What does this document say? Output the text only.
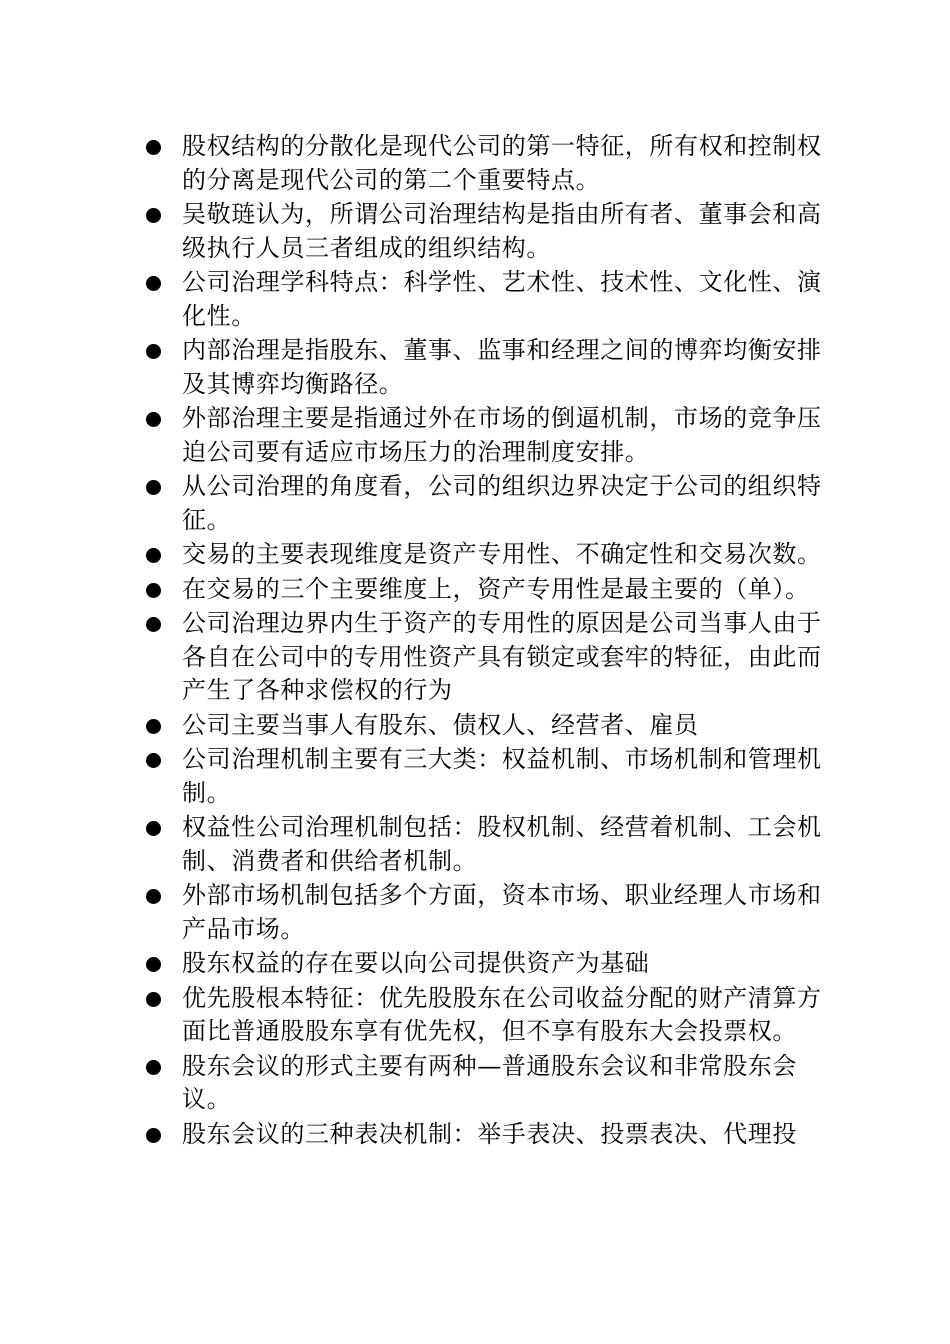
股权结构的分散化是现代公司的第一特征，所有权和控制权的分离是现代公司的第二个重要特点。
吴敬琏认为，所谓公司治理结构是指由所有者、董事会和高级执行人员三者组成的组织结构。
公司治理学科特点：科学性、艺术性、技术性、文化性、演化性。
内部治理是指股东、董事、监事和经理之间的博弈均衡安排及其博弈均衡路径。
外部治理主要是指通过外在市场的倒逼机制，市场的竞争压迫公司要有适应市场压力的治理制度安排。
从公司治理的角度看，公司的组织边界决定于公司的组织特征。
交易的主要表现维度是资产专用性、不确定性和交易次数。
在交易的三个主要维度上，资产专用性是最主要的（单）。
公司治理边界内生于资产的专用性的原因是公司当事人由于各自在公司中的专用性资产具有锁定或套牢的特征，由此而产生了各种求偿权的行为
公司主要当事人有股东、债权人、经营者、雇员
公司治理机制主要有三大类：权益机制、市场机制和管理机制。
权益性公司治理机制包括：股权机制、经营着机制、工会机制、消费者和供给者机制。
外部市场机制包括多个方面，资本市场、职业经理人市场和产品市场。
股东权益的存在要以向公司提供资产为基础
优先股根本特征：优先股股东在公司收益分配的财产清算方面比普通股股东享有优先权，但不享有股东大会投票权。
股东会议的形式主要有两种—普通股东会议和非常股东会议。
股东会议的三种表决机制：举手表决、投票表决、代理投
